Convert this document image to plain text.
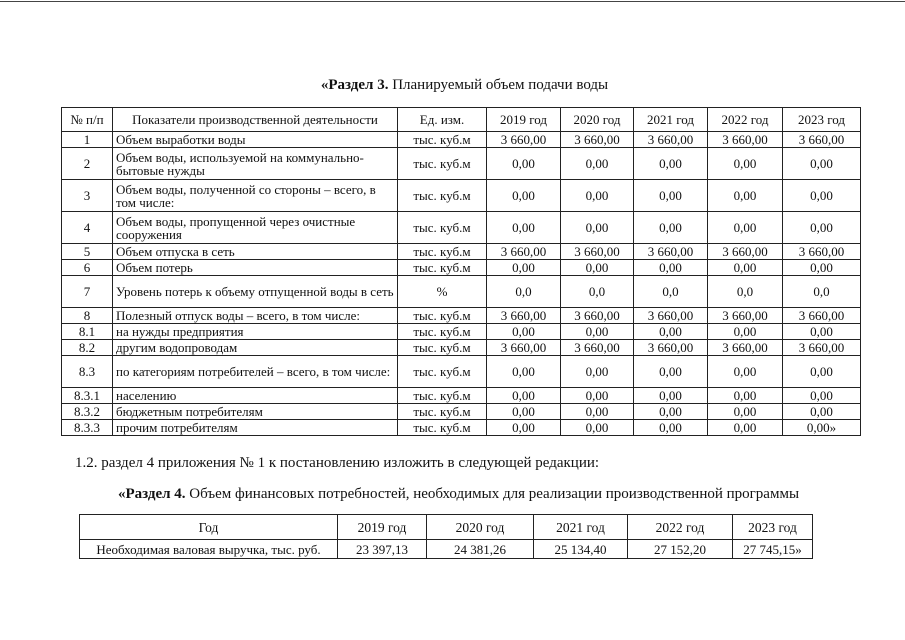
«Раздел 3. Планируемый объем подачи воды
№ п/п	Показатели производственной деятельности	Ед. изм.	2019 год	2020 год	2021 год	2022 год	2023 год
1	Объем выработки воды	тыс. куб.м	3 660,00	3 660,00	3 660,00	3 660,00	3 660,00
2	Объем воды, используемой на коммунально-бытовые нужды	тыс. куб.м	0,00	0,00	0,00	0,00	0,00
3	Объем воды, полученной со стороны – всего, в том числе:	тыс. куб.м	0,00	0,00	0,00	0,00	0,00
4	Объем воды, пропущенной через очистные сооружения	тыс. куб.м	0,00	0,00	0,00	0,00	0,00
5	Объем отпуска в сеть	тыс. куб.м	3 660,00	3 660,00	3 660,00	3 660,00	3 660,00
6	Объем потерь	тыс. куб.м	0,00	0,00	0,00	0,00	0,00
7	Уровень потерь к объему отпущенной воды в сеть	%	0,0	0,0	0,0	0,0	0,0
8	Полезный отпуск воды – всего, в том числе:	тыс. куб.м	3 660,00	3 660,00	3 660,00	3 660,00	3 660,00
8.1	на нужды предприятия	тыс. куб.м	0,00	0,00	0,00	0,00	0,00
8.2	другим водопроводам	тыс. куб.м	3 660,00	3 660,00	3 660,00	3 660,00	3 660,00
8.3	по категориям потребителей – всего, в том числе:	тыс. куб.м	0,00	0,00	0,00	0,00	0,00
8.3.1	населению	тыс. куб.м	0,00	0,00	0,00	0,00	0,00
8.3.2	бюджетным потребителям	тыс. куб.м	0,00	0,00	0,00	0,00	0,00
8.3.3	прочим потребителям	тыс. куб.м	0,00	0,00	0,00	0,00	0,00»
1.2. раздел 4 приложения № 1 к постановлению изложить в следующей редакции:
«Раздел 4. Объем финансовых потребностей, необходимых для реализации производственной программы
Год	2019 год	2020 год	2021 год	2022 год	2023 год
Необходимая валовая выручка, тыс. руб.	23 397,13	24 381,26	25 134,40	27 152,20	27 745,15»
